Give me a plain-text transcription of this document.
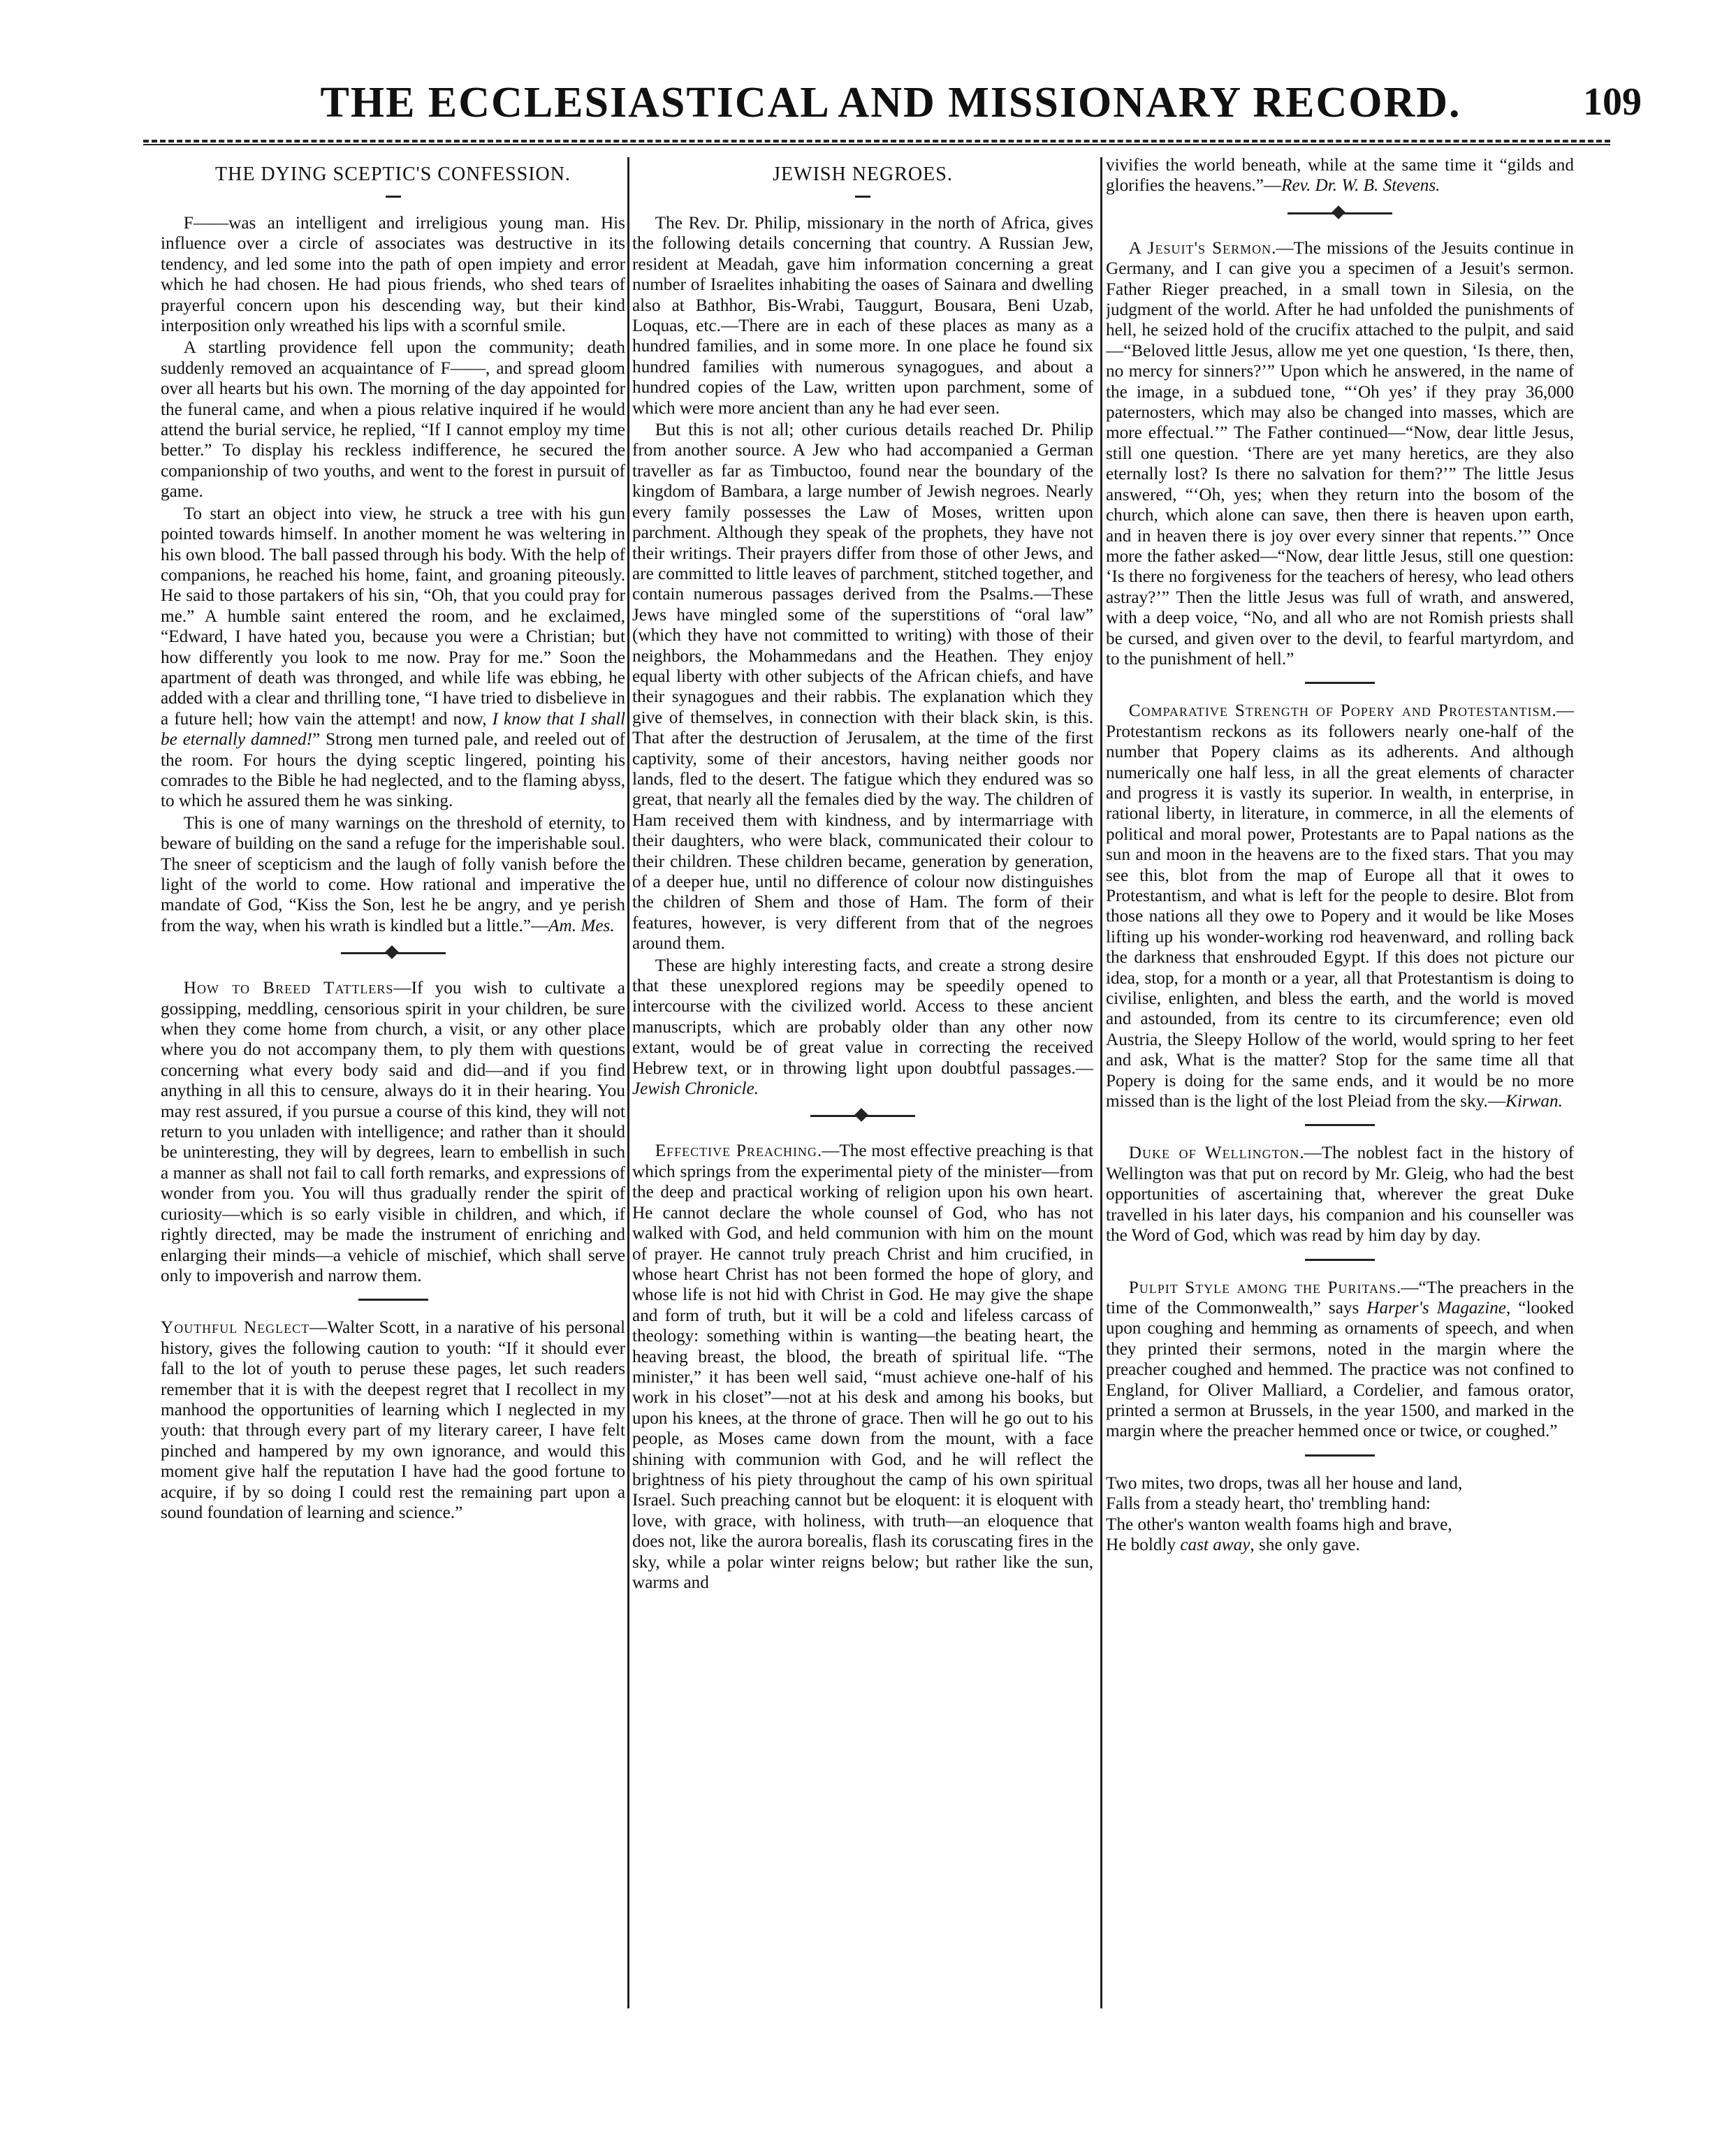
THE ECCLESIASTICAL AND MISSIONARY RECORD.	109
THE DYING SCEPTIC'S CONFESSION.

F——was an intelligent and irreligious young man. His influence over a circle of associates was destructive in its tendency, and led some into the path of open impiety and error which he had chosen. He had pious friends, who shed tears of prayerful concern upon his descending way, but their kind interposition only wreathed his lips with a scornful smile.

A startling providence fell upon the community; death suddenly removed an acquaintance of F——, and spread gloom over all hearts but his own. The morning of the day appointed for the funeral came, and when a pious relative inquired if he would attend the burial service, he replied, “If I cannot employ my time better.” To display his reckless indifference, he secured the companionship of two youths, and went to the forest in pursuit of game.

To start an object into view, he struck a tree with his gun pointed towards himself. In another moment he was weltering in his own blood. The ball passed through his body. With the help of companions, he reached his home, faint, and groaning piteously. He said to those partakers of his sin, “Oh, that you could pray for me.” A humble saint entered the room, and he exclaimed, “Edward, I have hated you, because you were a Christian; but how differently you look to me now. Pray for me.” Soon the apartment of death was thronged, and while life was ebbing, he added with a clear and thrilling tone, “I have tried to disbelieve in a future hell; how vain the attempt! and now, I know that I shall be eternally damned!” Strong men turned pale, and reeled out of the room. For hours the dying sceptic lingered, pointing his comrades to the Bible he had neglected, and to the flaming abyss, to which he assured them he was sinking.

This is one of many warnings on the threshold of eternity, to beware of building on the sand a refuge for the imperishable soul. The sneer of scepticism and the laugh of folly vanish before the light of the world to come. How rational and imperative the mandate of God, “Kiss the Son, lest he be angry, and ye perish from the way, when his wrath is kindled but a little.”—Am. Mes.

How to Breed Tattlers—If you wish to cultivate a gossipping, meddling, censorious spirit in your children, be sure when they come home from church, a visit, or any other place where you do not accompany them, to ply them with questions concerning what every body said and did—and if you find anything in all this to censure, always do it in their hearing. You may rest assured, if you pursue a course of this kind, they will not return to you unladen with intelligence; and rather than it should be uninteresting, they will by degrees, learn to embellish in such a manner as shall not fail to call forth remarks, and expressions of wonder from you. You will thus gradually render the spirit of curiosity—which is so early visible in children, and which, if rightly directed, may be made the instrument of enriching and enlarging their minds—a vehicle of mischief, which shall serve only to impoverish and narrow them.

Youthful Neglect—Walter Scott, in a narative of his personal history, gives the following caution to youth: “If it should ever fall to the lot of youth to peruse these pages, let such readers remember that it is with the deepest regret that I recollect in my manhood the opportunities of learning which I neglected in my youth: that through every part of my literary career, I have felt pinched and hampered by my own ignorance, and would this moment give half the reputation I have had the good fortune to acquire, if by so doing I could rest the remaining part upon a sound foundation of learning and science.”

JEWISH NEGROES.

The Rev. Dr. Philip, missionary in the north of Africa, gives the following details concerning that country. A Russian Jew, resident at Meadah, gave him information concerning a great number of Israelites inhabiting the oases of Sainara and dwelling also at Bathhor, Bis-Wrabi, Tauggurt, Bousara, Beni Uzab, Loquas, etc.—There are in each of these places as many as a hundred families, and in some more. In one place he found six hundred families with numerous synagogues, and about a hundred copies of the Law, written upon parchment, some of which were more ancient than any he had ever seen.

But this is not all; other curious details reached Dr. Philip from another source. A Jew who had accompanied a German traveller as far as Timbuctoo, found near the boundary of the kingdom of Bambara, a large number of Jewish negroes. Nearly every family possesses the Law of Moses, written upon parchment. Although they speak of the prophets, they have not their writings. Their prayers differ from those of other Jews, and are committed to little leaves of parchment, stitched together, and contain numerous passages derived from the Psalms.—These Jews have mingled some of the superstitions of “oral law” (which they have not committed to writing) with those of their neighbors, the Mohammedans and the Heathen. They enjoy equal liberty with other subjects of the African chiefs, and have their synagogues and their rabbis. The explanation which they give of themselves, in connection with their black skin, is this. That after the destruction of Jerusalem, at the time of the first captivity, some of their ancestors, having neither goods nor lands, fled to the desert. The fatigue which they endured was so great, that nearly all the females died by the way. The children of Ham received them with kindness, and by intermarriage with their daughters, who were black, communicated their colour to their children. These children became, generation by generation, of a deeper hue, until no difference of colour now distinguishes the children of Shem and those of Ham. The form of their features, however, is very different from that of the negroes around them.

These are highly interesting facts, and create a strong desire that these unexplored regions may be speedily opened to intercourse with the civilized world. Access to these ancient manuscripts, which are probably older than any other now extant, would be of great value in correcting the received Hebrew text, or in throwing light upon doubtful passages.—Jewish Chronicle.

Effective Preaching.—The most effective preaching is that which springs from the experimental piety of the minister—from the deep and practical working of religion upon his own heart. He cannot declare the whole counsel of God, who has not walked with God, and held communion with him on the mount of prayer. He cannot truly preach Christ and him crucified, in whose heart Christ has not been formed the hope of glory, and whose life is not hid with Christ in God. He may give the shape and form of truth, but it will be a cold and lifeless carcass of theology: something within is wanting—the beating heart, the heaving breast, the blood, the breath of spiritual life. “The minister,” it has been well said, “must achieve one-half of his work in his closet”—not at his desk and among his books, but upon his knees, at the throne of grace. Then will he go out to his people, as Moses came down from the mount, with a face shining with communion with God, and he will reflect the brightness of his piety throughout the camp of his own spiritual Israel. Such preaching cannot but be eloquent: it is eloquent with love, with grace, with holiness, with truth—an eloquence that does not, like the aurora borealis, flash its coruscating fires in the sky, while a polar winter reigns below; but rather like the sun, warms and

vivifies the world beneath, while at the same time it “gilds and glorifies the heavens.”—Rev. Dr. W. B. Stevens.

A Jesuit's Sermon.—The missions of the Jesuits continue in Germany, and I can give you a specimen of a Jesuit's sermon. Father Rieger preached, in a small town in Silesia, on the judgment of the world. After he had unfolded the punishments of hell, he seized hold of the crucifix attached to the pulpit, and said—“Beloved little Jesus, allow me yet one question, ‘Is there, then, no mercy for sinners?’” Upon which he answered, in the name of the image, in a subdued tone, “‘Oh yes’ if they pray 36,000 paternosters, which may also be changed into masses, which are more effectual.’” The Father continued—“Now, dear little Jesus, still one question. ‘There are yet many heretics, are they also eternally lost? Is there no salvation for them?’” The little Jesus answered, “‘Oh, yes; when they return into the bosom of the church, which alone can save, then there is heaven upon earth, and in heaven there is joy over every sinner that repents.’” Once more the father asked—“Now, dear little Jesus, still one question: ‘Is there no forgiveness for the teachers of heresy, who lead others astray?’” Then the little Jesus was full of wrath, and answered, with a deep voice, “No, and all who are not Romish priests shall be cursed, and given over to the devil, to fearful martyrdom, and to the punishment of hell.”

Comparative Strength of Popery and Protestantism.—Protestantism reckons as its followers nearly one-half of the number that Popery claims as its adherents. And although numerically one half less, in all the great elements of character and progress it is vastly its superior. In wealth, in enterprise, in rational liberty, in literature, in commerce, in all the elements of political and moral power, Protestants are to Papal nations as the sun and moon in the heavens are to the fixed stars. That you may see this, blot from the map of Europe all that it owes to Protestantism, and what is left for the people to desire. Blot from those nations all they owe to Popery and it would be like Moses lifting up his wonder-working rod heavenward, and rolling back the darkness that enshrouded Egypt. If this does not picture our idea, stop, for a month or a year, all that Protestantism is doing to civilise, enlighten, and bless the earth, and the world is moved and astounded, from its centre to its circumference; even old Austria, the Sleepy Hollow of the world, would spring to her feet and ask, What is the matter? Stop for the same time all that Popery is doing for the same ends, and it would be no more missed than is the light of the lost Pleiad from the sky.—Kirwan.

Duke of Wellington.—The noblest fact in the history of Wellington was that put on record by Mr. Gleig, who had the best opportunities of ascertaining that, wherever the great Duke travelled in his later days, his companion and his counseller was the Word of God, which was read by him day by day.

Pulpit Style among the Puritans.—“The preachers in the time of the Commonwealth,” says Harper's Magazine, “looked upon coughing and hemming as ornaments of speech, and when they printed their sermons, noted in the margin where the preacher coughed and hemmed. The practice was not confined to England, for Oliver Malliard, a Cordelier, and famous orator, printed a sermon at Brussels, in the year 1500, and marked in the margin where the preacher hemmed once or twice, or coughed.”

Two mites, two drops, twas all her house and land,

Falls from a steady heart, tho' trembling hand:

The other's wanton wealth foams high and brave,

He boldly cast away, she only gave.
